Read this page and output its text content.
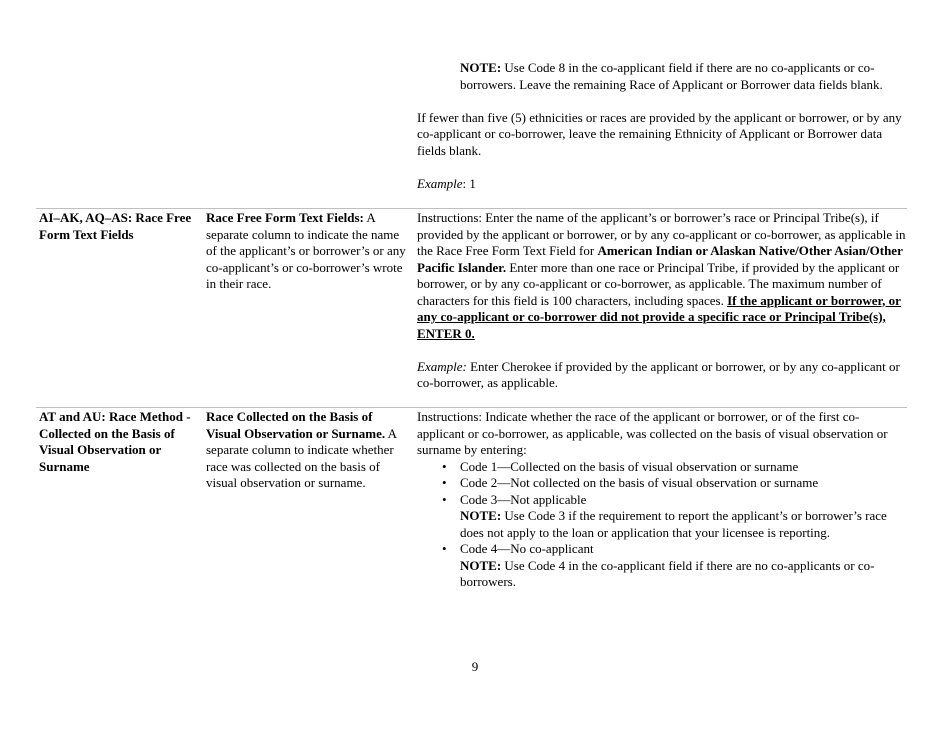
NOTE: Use Code 8 in the co-applicant field if there are no co-applicants or co-borrowers. Leave the remaining Race of Applicant or Borrower data fields blank.

If fewer than five (5) ethnicities or races are provided by the applicant or borrower, or by any co-applicant or co-borrower, leave the remaining Ethnicity of Applicant or Borrower data fields blank.

Example: 1

AI–AK, AQ–AS: Race Free Form Text Fields
Race Free Form Text Fields: A separate column to indicate the name of the applicant’s or borrower’s or any co-applicant’s or co-borrower’s wrote in their race.

Instructions: Enter the name of the applicant’s or borrower’s race or Principal Tribe(s), if provided by the applicant or borrower, or by any co-applicant or co-borrower, as applicable in the Race Free Form Text Field for American Indian or Alaskan Native/Other Asian/Other Pacific Islander. Enter more than one race or Principal Tribe, if provided by the applicant or borrower, or by any co-applicant or co-borrower, as applicable. The maximum number of characters for this field is 100 characters, including spaces. If the applicant or borrower, or any co-applicant or co-borrower did not provide a specific race or Principal Tribe(s), ENTER 0.

Example: Enter Cherokee if provided by the applicant or borrower, or by any co-applicant or co-borrower, as applicable.

AT and AU: Race Method - Collected on the Basis of Visual Observation or Surname
Race Collected on the Basis of Visual Observation or Surname. A separate column to indicate whether race was collected on the basis of visual observation or surname.

Instructions: Indicate whether the race of the applicant or borrower, or of the first co-applicant or co-borrower, as applicable, was collected on the basis of visual observation or surname by entering:

• Code 1—Collected on the basis of visual observation or surname
• Code 2—Not collected on the basis of visual observation or surname
• Code 3—Not applicable
NOTE: Use Code 3 if the requirement to report the applicant’s or borrower’s race does not apply to the loan or application that your licensee is reporting.
• Code 4—No co-applicant
NOTE: Use Code 4 in the co-applicant field if there are no co-applicants or co-borrowers.
9
